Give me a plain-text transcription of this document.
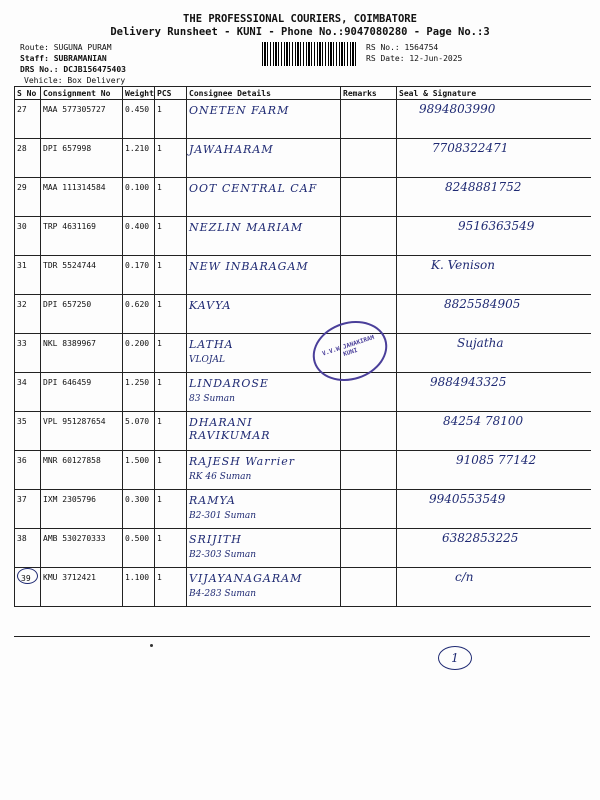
THE PROFESSIONAL COURIERS, COIMBATORE
Delivery Runsheet - KUNI - Phone No.:9047080280 - Page No.:3
Route: SUGUNA PURAM
Staff: SUBRAMANIAN
DRS No.: DCJB156475403
Vehicle: Box Delivery
RS No.: 1564754
RS Date: 12-Jun-2025
S No	Consignment No	Weight	PCS	Consignee Details	Remarks	Seal & Signature

27	MAA 577305727	0.450	1	ONETEN FARM		9894803990

28	DPI 657998	1.210	1	JAWAHARAM		7708322471

29	MAA 111314584	0.100	1	OOT CENTRAL CAF		8248881752

30	TRP 4631169	0.400	1	NEZLIN MARIAM		9516363549

31	TDR 5524744	0.170	1	NEW INBARAGAM		K. Venison

32	DPI 657250	0.620	1	KAVYA		8825584905

33	NKL 8389967	0.200	1	LATHA
VLOJAL		Sujatha

34	DPI 646459	1.250	1	LINDAROSE
83 Suman		9884943325

35	VPL 951287654	5.070	1	DHARANI RAVIKUMAR		84254 78100

36	MNR 60127858	1.500	1	RAJESH Warrier
RK 46 Suman		91085 77142

37	IXM 2305796	0.300	1	RAMYA
B2-301 Suman		9940553549

38	AMB 530270333	0.500	1	SRIJITH
B2-303 Suman		6382853225

39	KMU 3712421	1.100	1	VIJAYANAGARAM
B4-283 Suman		c/n
V.V.W JANAKIRAM KUNI
1
